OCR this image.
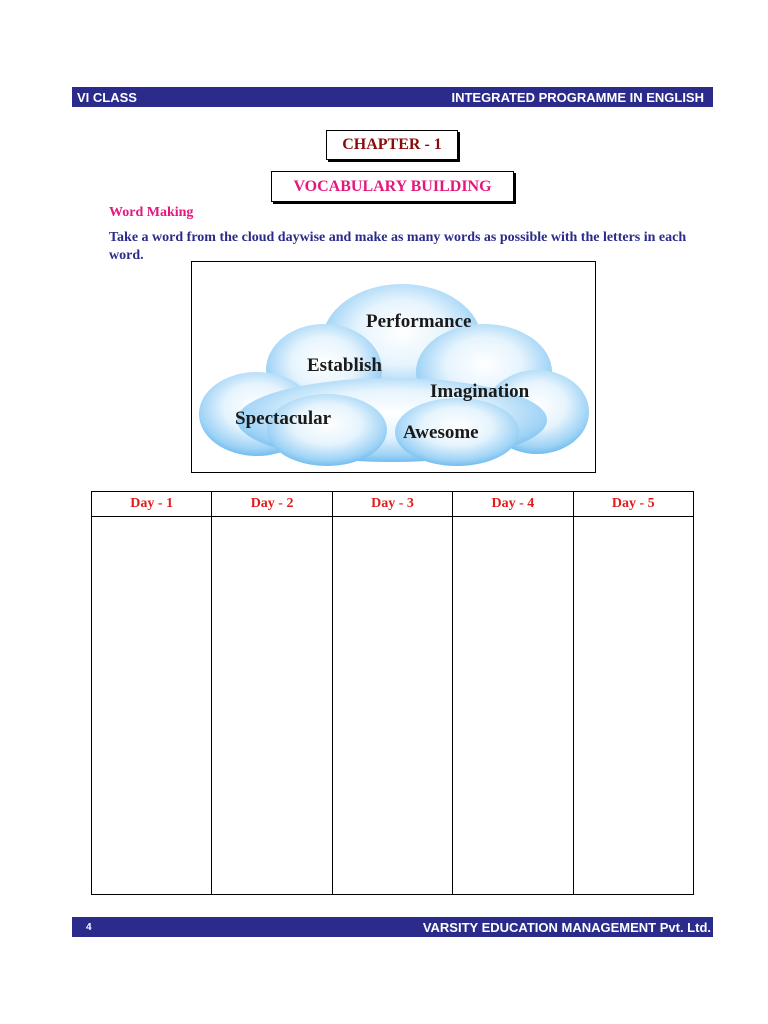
VI CLASS	INTEGRATED PROGRAMME IN ENGLISH
CHAPTER - 1
VOCABULARY BUILDING
Word Making
Take a word from the cloud daywise and make as many words as possible with the letters in each word.
Performance
Establish
Imagination
Spectacular
Awesome
Day - 1	Day - 2	Day - 3	Day - 4	Day - 5

4	VARSITY EDUCATION MANAGEMENT Pvt. Ltd.
